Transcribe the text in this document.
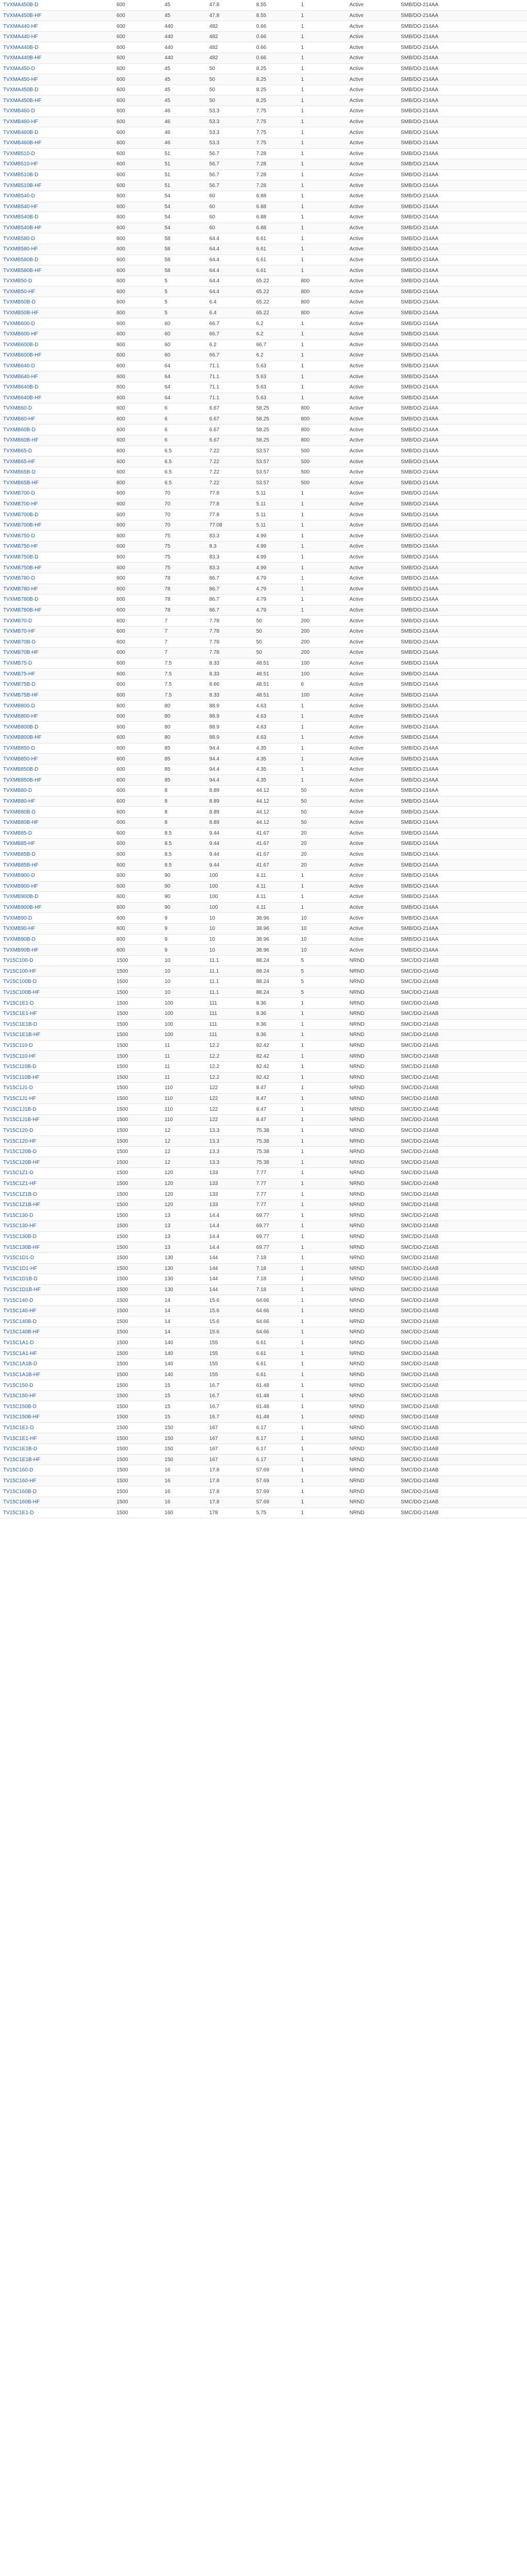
TVXMA450B-D	600	45	47.8	8.55	1	Active	SMB/DO-214AA
TVXMA450B-HF	600	45	47.8	8.55	1	Active	SMB/DO-214AA
TVXMA440-HF	600	440	482	0.66	1	Active	SMB/DO-214AA
TVXMA440-HF	600	440	482	0.66	1	Active	SMB/DO-214AA
TVXMA440B-D	600	440	482	0.66	1	Active	SMB/DO-214AA
TVXMA440B-HF	600	440	482	0.66	1	Active	SMB/DO-214AA
TVXMA450-D	600	45	50	8.25	1	Active	SMB/DO-214AA
TVXMA450-HF	600	45	50	8.25	1	Active	SMB/DO-214AA
TVXMA450B-D	600	45	50	8.25	1	Active	SMB/DO-214AA
TVXMA450B-HF	600	45	50	8.25	1	Active	SMB/DO-214AA
TVXMB460-D	600	46	53.3	7.75	1	Active	SMB/DO-214AA
TVXMB460-HF	600	46	53.3	7.75	1	Active	SMB/DO-214AA
TVXMB460B-D	600	46	53.3	7.75	1	Active	SMB/DO-214AA
TVXMB460B-HF	600	46	53.3	7.75	1	Active	SMB/DO-214AA
TVXMB510-D	600	51	56.7	7.28	1	Active	SMB/DO-214AA
TVXMB510-HF	600	51	56.7	7.28	1	Active	SMB/DO-214AA
TVXMB510B-D	600	51	56.7	7.28	1	Active	SMB/DO-214AA
TVXMB510B-HF	600	51	56.7	7.28	1	Active	SMB/DO-214AA
TVXMB540-D	600	54	60	6.88	1	Active	SMB/DO-214AA
TVXMB540-HF	600	54	60	6.88	1	Active	SMB/DO-214AA
TVXMB540B-D	600	54	60	6.88	1	Active	SMB/DO-214AA
TVXMB540B-HF	600	54	60	6.88	1	Active	SMB/DO-214AA
TVXMB580-D	600	58	64.4	6.61	1	Active	SMB/DO-214AA
TVXMB580-HF	600	58	64.4	6.61	1	Active	SMB/DO-214AA
TVXMB580B-D	600	58	64.4	6.61	1	Active	SMB/DO-214AA
TVXMB580B-HF	600	58	64.4	6.61	1	Active	SMB/DO-214AA
TVXMB50-D	600	5	64.4	65.22	800	Active	SMB/DO-214AA
TVXMB50-HF	600	5	64.4	65.22	800	Active	SMB/DO-214AA
TVXMB50B-D	600	5	6.4	65.22	800	Active	SMB/DO-214AA
TVXMB50B-HF	600	5	6.4	65.22	800	Active	SMB/DO-214AA
TVXMB600-D	600	60	66.7	6.2	1	Active	SMB/DO-214AA
TVXMB600-HF	600	60	66.7	6.2	1	Active	SMB/DO-214AA
TVXMB600B-D	600	60	6.2	66.7	1	Active	SMB/DO-214AA
TVXMB600B-HF	600	60	66.7	6.2	1	Active	SMB/DO-214AA
TVXMB640-D	600	64	71.1	5.63	1	Active	SMB/DO-214AA
TVXMB640-HF	600	64	71.1	5.63	1	Active	SMB/DO-214AA
TVXMB640B-D	600	64	71.1	5.63	1	Active	SMB/DO-214AA
TVXMB640B-HF	600	64	71.1	5.63	1	Active	SMB/DO-214AA
TVXMB60-D	600	6	6.67	58.25	800	Active	SMB/DO-214AA
TVXMB60-HF	600	6	6.67	58.25	800	Active	SMB/DO-214AA
TVXMB60B-D	600	6	6.67	58.25	800	Active	SMB/DO-214AA
TVXMB60B-HF	600	6	6.67	58.25	800	Active	SMB/DO-214AA
TVXMB65-D	600	6.5	7.22	53.57	500	Active	SMB/DO-214AA
TVXMB65-HF	600	6.5	7.22	53.57	500	Active	SMB/DO-214AA
TVXMB65B-D	600	6.5	7.22	53.57	500	Active	SMB/DO-214AA
TVXMB65B-HF	600	6.5	7.22	53.57	500	Active	SMB/DO-214AA
TVXMB700-D	600	70	77.8	5.11	1	Active	SMB/DO-214AA
TVXMB700-HF	600	70	77.8	5.11	1	Active	SMB/DO-214AA
TVXMB700B-D	600	70	77.8	5.11	1	Active	SMB/DO-214AA
TVXMB700B-HF	600	70	77.08	5.11	1	Active	SMB/DO-214AA
TVXMB750-D	600	75	83.3	4.99	1	Active	SMB/DO-214AA
TVXMB750-HF	600	75	8.3	4.99	1	Active	SMB/DO-214AA
TVXMB750B-D	600	75	83.3	4.99	1	Active	SMB/DO-214AA
TVXMB750B-HF	600	75	83.3	4.99	1	Active	SMB/DO-214AA
TVXMB780-D	600	78	86.7	4.79	1	Active	SMB/DO-214AA
TVXMB780-HF	600	78	86.7	4.79	1	Active	SMB/DO-214AA
TVXMB780B-D	600	78	86.7	4.79	1	Active	SMB/DO-214AA
TVXMB780B-HF	600	78	86.7	4.79	1	Active	SMB/DO-214AA
TVXMB70-D	600	7	7.78	50	200	Active	SMB/DO-214AA
TVXMB70-HF	600	7	7.78	50	200	Active	SMB/DO-214AA
TVXMB70B-D	600	7	7.78	50	200	Active	SMB/DO-214AA
TVXMB70B-HF	600	7	7.78	50	200	Active	SMB/DO-214AA
TVXMB75-D	600	7.5	8.33	48.51	100	Active	SMB/DO-214AA
TVXMB75-HF	600	7.5	8.33	48.51	100	Active	SMB/DO-214AA
TVXMB75B-D	600	7.5	8.66	48.51	6	Active	SMB/DO-214AA
TVXMB75B-HF	600	7.5	8.33	48.51	100	Active	SMB/DO-214AA
TVXMB800-D	600	80	88.9	4.63	1	Active	SMB/DO-214AA
TVXMB800-HF	600	80	88.9	4.63	1	Active	SMB/DO-214AA
TVXMB800B-D	600	80	88.9	4.63	1	Active	SMB/DO-214AA
TVXMB800B-HF	600	80	88.9	4.63	1	Active	SMB/DO-214AA
TVXMB850-D	600	85	94.4	4.35	1	Active	SMB/DO-214AA
TVXMB850-HF	600	85	94.4	4.35	1	Active	SMB/DO-214AA
TVXMB850B-D	600	85	94.4	4.35	1	Active	SMB/DO-214AA
TVXMB850B-HF	600	85	94.4	4.35	1	Active	SMB/DO-214AA
TVXMB80-D	600	8	8.89	44.12	50	Active	SMB/DO-214AA
TVXMB80-HF	600	8	8.89	44.12	50	Active	SMB/DO-214AA
TVXMB80B-D	600	8	8.89	44.12	50	Active	SMB/DO-214AA
TVXMB80B-HF	600	8	8.89	44.12	50	Active	SMB/DO-214AA
TVXMB85-D	600	8.5	9.44	41.67	20	Active	SMB/DO-214AA
TVXMB85-HF	600	8.5	9.44	41.67	20	Active	SMB/DO-214AA
TVXMB85B-D	600	8.5	9.44	41.67	20	Active	SMB/DO-214AA
TVXMB85B-HF	600	8.5	9.44	41.67	20	Active	SMB/DO-214AA
TVXMB900-D	600	90	100	4.11	1	Active	SMB/DO-214AA
TVXMB900-HF	600	90	100	4.11	1	Active	SMB/DO-214AA
TVXMB900B-D	600	90	100	4.11	1	Active	SMB/DO-214AA
TVXMB900B-HF	600	90	100	4.11	1	Active	SMB/DO-214AA
TVXMB90-D	600	9	10	38.96	10	Active	SMB/DO-214AA
TVXMB90-HF	600	9	10	38.96	10	Active	SMB/DO-214AA
TVXMB90B-D	600	9	10	38.96	10	Active	SMB/DO-214AA
TVXMB90B-HF	600	9	10	38.96	10	Active	SMB/DO-214AA
TV15C100-D	1500	10	11.1	88.24	5	NRND	SMC/DO-214AB
TV15C100-HF	1500	10	11.1	88.24	5	NRND	SMC/DO-214AB
TV15C100B-D	1500	10	11.1	88.24	5	NRND	SMC/DO-214AB
TV15C100B-HF	1500	10	11.1	88.24	5	NRND	SMC/DO-214AB
TV15C1E1-D	1500	100	111	8.36	1	NRND	SMC/DO-214AB
TV15C1E1-HF	1500	100	111	8.36	1	NRND	SMC/DO-214AB
TV15C1E1B-D	1500	100	111	8.36	1	NRND	SMC/DO-214AB
TV15C1E1B-HF	1500	100	111	8.36	1	NRND	SMC/DO-214AB
TV15C110-D	1500	11	12.2	82.42	1	NRND	SMC/DO-214AB
TV15C110-HF	1500	11	12.2	82.42	1	NRND	SMC/DO-214AB
TV15C110B-D	1500	11	12.2	82.42	1	NRND	SMC/DO-214AB
TV15C110B-HF	1500	11	12.2	82.42	1	NRND	SMC/DO-214AB
TV15C1J1-D	1500	110	122	8.47	1	NRND	SMC/DO-214AB
TV15C1J1-HF	1500	110	122	8.47	1	NRND	SMC/DO-214AB
TV15C1J1B-D	1500	110	122	8.47	1	NRND	SMC/DO-214AB
TV15C1J1B-HF	1500	110	122	8.47	1	NRND	SMC/DO-214AB
TV15C120-D	1500	12	13.3	75.38	1	NRND	SMC/DO-214AB
TV15C120-HF	1500	12	13.3	75.38	1	NRND	SMC/DO-214AB
TV15C120B-D	1500	12	13.3	75.38	1	NRND	SMC/DO-214AB
TV15C120B-HF	1500	12	13.3	75.38	1	NRND	SMC/DO-214AB
TV15C1Z1-D	1500	120	133	7.77	1	NRND	SMC/DO-214AB
TV15C1Z1-HF	1500	120	133	7.77	1	NRND	SMC/DO-214AB
TV15C1Z1B-D	1500	120	133	7.77	1	NRND	SMC/DO-214AB
TV15C1Z1B-HF	1500	120	133	7.77	1	NRND	SMC/DO-214AB
TV15C130-D	1500	13	14.4	69.77	1	NRND	SMC/DO-214AB
TV15C130-HF	1500	13	14.4	69.77	1	NRND	SMC/DO-214AB
TV15C130B-D	1500	13	14.4	69.77	1	NRND	SMC/DO-214AB
TV15C130B-HF	1500	13	14.4	69.77	1	NRND	SMC/DO-214AB
TV15C1D1-D	1500	130	144	7.18	1	NRND	SMC/DO-214AB
TV15C1D1-HF	1500	130	144	7.18	1	NRND	SMC/DO-214AB
TV15C1D1B-D	1500	130	144	7.18	1	NRND	SMC/DO-214AB
TV15C1D1B-HF	1500	130	144	7.18	1	NRND	SMC/DO-214AB
TV15C140-D	1500	14	15.6	64.66	1	NRND	SMC/DO-214AB
TV15C140-HF	1500	14	15.6	64.66	1	NRND	SMC/DO-214AB
TV15C140B-D	1500	14	15.6	64.66	1	NRND	SMC/DO-214AB
TV15C140B-HF	1500	14	15.6	64.66	1	NRND	SMC/DO-214AB
TV15C1A1-D	1500	140	155	6.61	1	NRND	SMC/DO-214AB
TV15C1A1-HF	1500	140	155	6.61	1	NRND	SMC/DO-214AB
TV15C1A1B-D	1500	140	155	6.61	1	NRND	SMC/DO-214AB
TV15C1A1B-HF	1500	140	155	6.61	1	NRND	SMC/DO-214AB
TV15C150-D	1500	15	16.7	61.48	1	NRND	SMC/DO-214AB
TV15C150-HF	1500	15	16.7	61.48	1	NRND	SMC/DO-214AB
TV15C150B-D	1500	15	16.7	61.48	1	NRND	SMC/DO-214AB
TV15C150B-HF	1500	15	16.7	61.48	1	NRND	SMC/DO-214AB
TV15C1E1-D	1500	150	167	6.17	1	NRND	SMC/DO-214AB
TV15C1E1-HF	1500	150	167	6.17	1	NRND	SMC/DO-214AB
TV15C1E1B-D	1500	150	167	6.17	1	NRND	SMC/DO-214AB
TV15C1E1B-HF	1500	150	167	6.17	1	NRND	SMC/DO-214AB
TV15C160-D	1500	16	17.8	57.69	1	NRND	SMC/DO-214AB
TV15C160-HF	1500	16	17.8	57.69	1	NRND	SMC/DO-214AB
TV15C160B-D	1500	16	17.8	57.69	1	NRND	SMC/DO-214AB
TV15C160B-HF	1500	16	17.8	57.69	1	NRND	SMC/DO-214AB
TV15C1E1-D	1500	160	178	5.75	1	NRND	SMC/DO-214AB
